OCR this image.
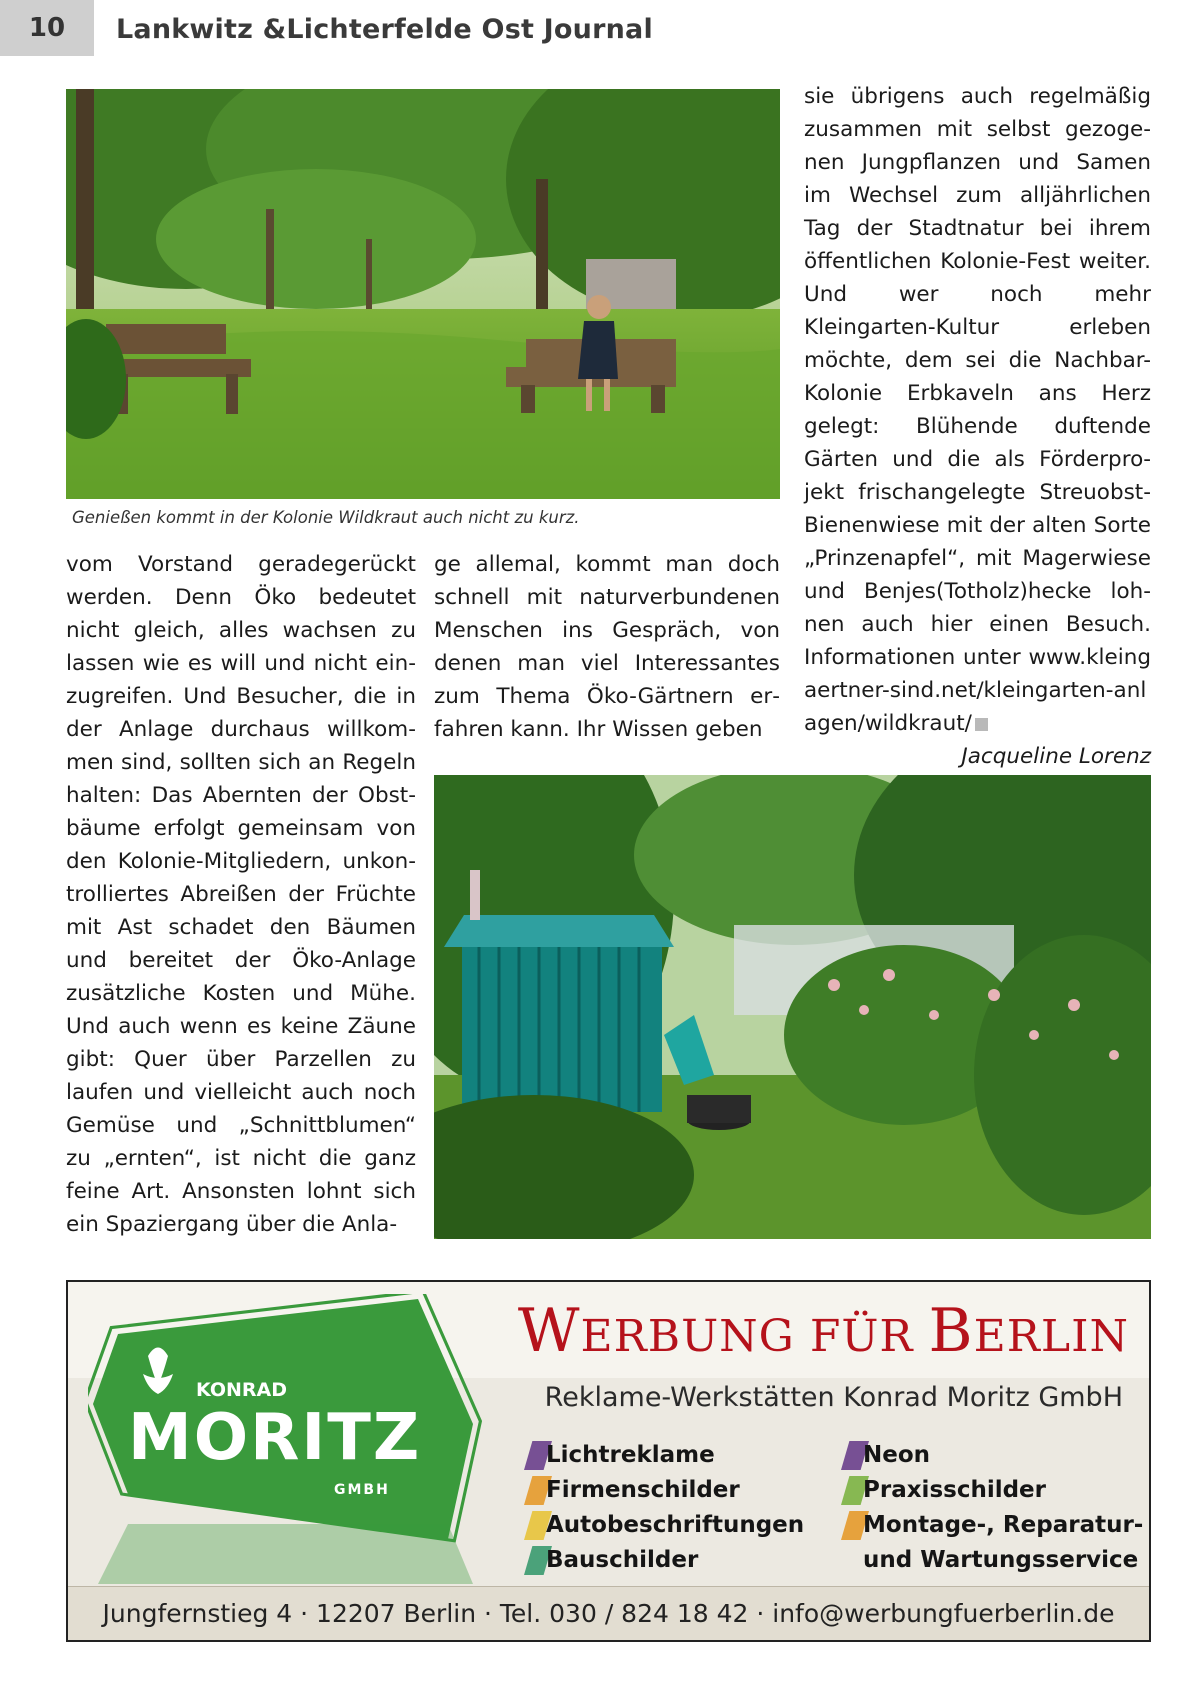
10	Lankwitz &Lichterfelde Ost Journal
Genießen kommt in der Kolonie Wildkraut auch nicht zu kurz.

vom Vorstand geradegerückt werden. Denn Öko bedeutet nicht gleich, alles wachsen zu lassen wie es will und nicht einzugreifen. Und Besucher, die in der Anlage durchaus willkommen sind, sollten sich an Regeln halten: Das Abernten der Obstbäume erfolgt gemeinsam von den Kolonie-Mitgliedern, unkontrolliertes Abreißen der Früchte mit Ast schadet den Bäumen und bereitet der Öko-Anlage zusätzliche Kosten und Mühe. Und auch wenn es keine Zäune gibt: Quer über Parzellen zu laufen und vielleicht auch noch Gemüse und „Schnittblumen“ zu „ernten“, ist nicht die ganz feine Art. Ansonsten lohnt sich ein Spaziergang über die Anla-

ge allemal, kommt man doch schnell mit naturverbundenen Menschen ins Gespräch, von denen man viel Interessantes zum Thema Öko-Gärtnern erfahren kann. Ihr Wissen geben

sie übrigens auch regelmäßig zusammen mit selbst gezogenen Jungpflanzen und Samen im Wechsel zum alljährlichen Tag der Stadtnatur bei ihrem öffentlichen Kolonie-Fest weiter. Und wer noch mehr Kleingarten-Kultur erleben möchte, dem sei die Nachbar-Kolonie Erbkaveln ans Herz gelegt: Blühende duftende Gärten und die als Förderprojekt frischangelegte Streuobst-Bienenwiese mit der alten Sorte „Prinzenapfel“, mit Magerwiese und Benjes(Totholz)hecke lohnen auch hier einen Besuch. Informationen unter www.kleingaertner-sind.net/kleingarten-anlagen/wildkraut/

Jacqueline Lorenz

KONRAD
MORITZ
GMBH
WERBUNG FÜR BERLIN
Reklame-Werkstätten Konrad Moritz GmbH
Lichtreklame
Firmenschilder
Autobeschriftungen
Bauschilder
Neon
Praxisschilder
Montage-, Reparatur-
und Wartungsservice
Jungfernstieg 4 · 12207 Berlin · Tel. 030 / 824 18 42 · info@werbungfuerberlin.de
